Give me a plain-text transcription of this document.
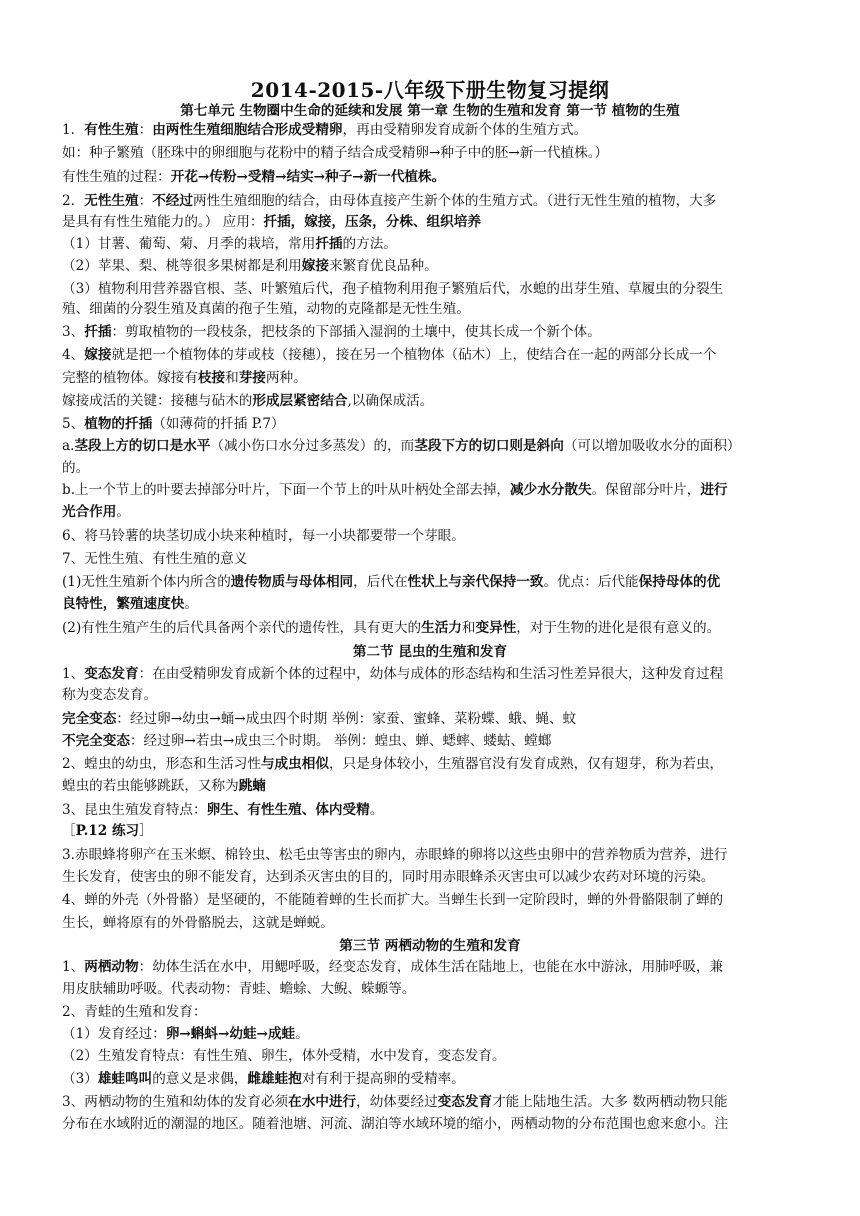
2014-2015-八年级下册生物复习提纲
第七单元 生物圈中生命的延续和发展 第一章 生物的生殖和发育 第一节 植物的生殖
1．有性生殖：由两性生殖细胞结合形成受精卵，再由受精卵发育成新个体的生殖方式。
如：种子繁殖（胚珠中的卵细胞与花粉中的精子结合成受精卵→种子中的胚→新一代植株。）
有性生殖的过程：开花→传粉→受精→结实→种子→新一代植株。
2．无性生殖：不经过两性生殖细胞的结合，由母体直接产生新个体的生殖方式。（进行无性生殖的植物，大多
是具有有性生殖能力的。） 应用：扦插，嫁接，压条，分株、组织培养
（1）甘薯、葡萄、菊、月季的栽培，常用扦插的方法。
（2）苹果、梨、桃等很多果树都是利用嫁接来繁育优良品种。
（3）植物利用营养器官根、茎、叶繁殖后代，孢子植物利用孢子繁殖后代，水螅的出芽生殖、草履虫的分裂生
殖、细菌的分裂生殖及真菌的孢子生殖，动物的克隆都是无性生殖。
3、扦插：剪取植物的一段枝条，把枝条的下部插入湿润的土壤中，使其长成一个新个体。
4、嫁接就是把一个植物体的芽或枝（接穗），接在另一个植物体（砧木）上，使结合在一起的两部分长成一个
完整的植物体。嫁接有枝接和芽接两种。
嫁接成活的关键：接穗与砧木的形成层紧密结合,以确保成活。
5、植物的扦插（如薄荷的扦插 P.7）
a.茎段上方的切口是水平（减小伤口水分过多蒸发）的，而茎段下方的切口则是斜向（可以增加吸收水分的面积）
的。
b.上一个节上的叶要去掉部分叶片，下面一个节上的叶从叶柄处全部去掉，减少水分散失。保留部分叶片，进行
光合作用。
6、将马铃薯的块茎切成小块来种植时，每一小块都要带一个芽眼。
7、无性生殖、有性生殖的意义
(1)无性生殖新个体内所含的遗传物质与母体相同，后代在性状上与亲代保持一致。优点：后代能保持母体的优
良特性，繁殖速度快。
(2)有性生殖产生的后代具备两个亲代的遗传性，具有更大的生活力和变异性，对于生物的进化是很有意义的。
第二节 昆虫的生殖和发育
1、变态发育：在由受精卵发育成新个体的过程中，幼体与成体的形态结构和生活习性差异很大，这种发育过程
称为变态发育。
完全变态：经过卵→幼虫→蛹→成虫四个时期 举例：家蚕、蜜蜂、菜粉蝶、蛾、蝇、蚊
不完全变态：经过卵→若虫→成虫三个时期。 举例：蝗虫、蝉、蟋蟀、蝼蛄、螳螂
2、蝗虫的幼虫，形态和生活习性与成虫相似，只是身体较小，生殖器官没有发育成熟，仅有翅芽，称为若虫，
蝗虫的若虫能够跳跃，又称为跳蝻
3、昆虫生殖发育特点：卵生、有性生殖、体内受精。
［P.12 练习］
3.赤眼蜂将卵产在玉米螟、棉铃虫、松毛虫等害虫的卵内，赤眼蜂的卵将以这些虫卵中的营养物质为营养，进行
生长发育，使害虫的卵不能发育，达到杀灭害虫的目的，同时用赤眼蜂杀灭害虫可以减少农药对环境的污染。
4、蝉的外壳（外骨骼）是坚硬的，不能随着蝉的生长而扩大。当蝉生长到一定阶段时，蝉的外骨骼限制了蝉的
生长，蝉将原有的外骨骼脱去，这就是蝉蜕。
第三节 两栖动物的生殖和发育
1、两栖动物：幼体生活在水中，用鳃呼吸，经变态发育，成体生活在陆地上，也能在水中游泳，用肺呼吸，兼
用皮肤辅助呼吸。代表动物：青蛙、蟾蜍、大鲵、蝾螈等。
2、青蛙的生殖和发育：
（1）发育经过：卵→蝌蚪→幼蛙→成蛙。
（2）生殖发育特点：有性生殖、卵生，体外受精，水中发育，变态发育。
（3）雄蛙鸣叫的意义是求偶，雌雄蛙抱对有利于提高卵的受精率。
3、两栖动物的生殖和幼体的发育必须在水中进行，幼体要经过变态发育才能上陆地生活。大多 数两栖动物只能
分布在水域附近的潮湿的地区。随着池塘、河流、湖泊等水域环境的缩小，两栖动物的分布范围也愈来愈小。注
